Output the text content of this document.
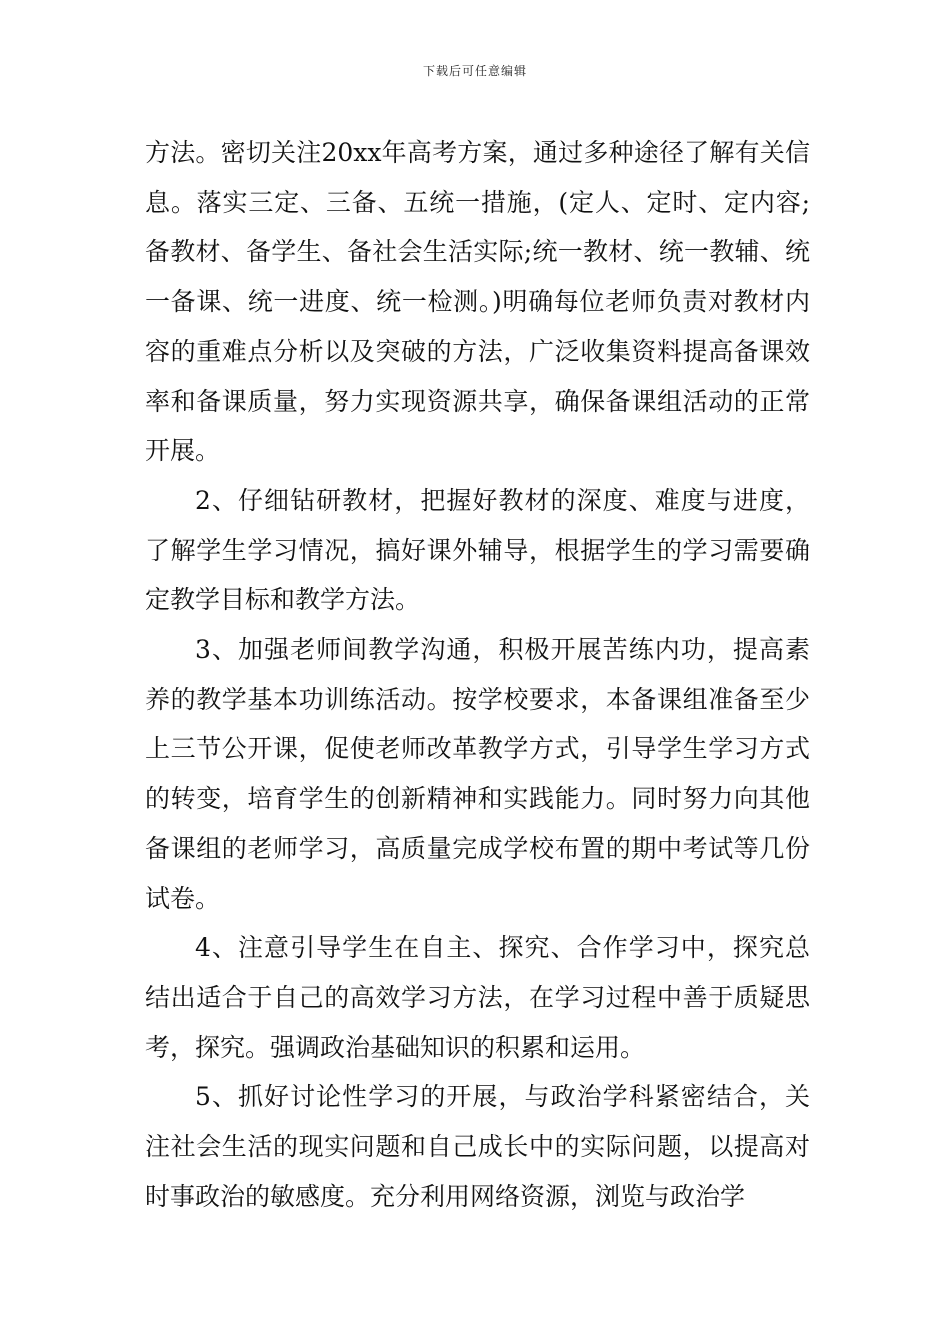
下载后可任意编辑

方法。密切关注20xx年高考方案，通过多种途径了解有关信息。落实三定、三备、五统一措施，(定人、定时、定内容;备教材、备学生、备社会生活实际;统一教材、统一教辅、统一备课、统一进度、统一检测。)明确每位老师负责对教材内容的重难点分析以及突破的方法，广泛收集资料提高备课效率和备课质量，努力实现资源共享，确保备课组活动的正常开展。

2、仔细钻研教材，把握好教材的深度、难度与进度，了解学生学习情况，搞好课外辅导，根据学生的学习需要确定教学目标和教学方法。

3、加强老师间教学沟通，积极开展苦练内功，提高素养的教学基本功训练活动。按学校要求，本备课组准备至少上三节公开课，促使老师改革教学方式，引导学生学习方式的转变，培育学生的创新精神和实践能力。同时努力向其他备课组的老师学习，高质量完成学校布置的期中考试等几份试卷。

4、注意引导学生在自主、探究、合作学习中，探究总结出适合于自己的高效学习方法，在学习过程中善于质疑思考，探究。强调政治基础知识的积累和运用。

5、抓好讨论性学习的开展，与政治学科紧密结合，关注社会生活的现实问题和自己成长中的实际问题，以提高对时事政治的敏感度。充分利用网络资源，浏览与政治学
